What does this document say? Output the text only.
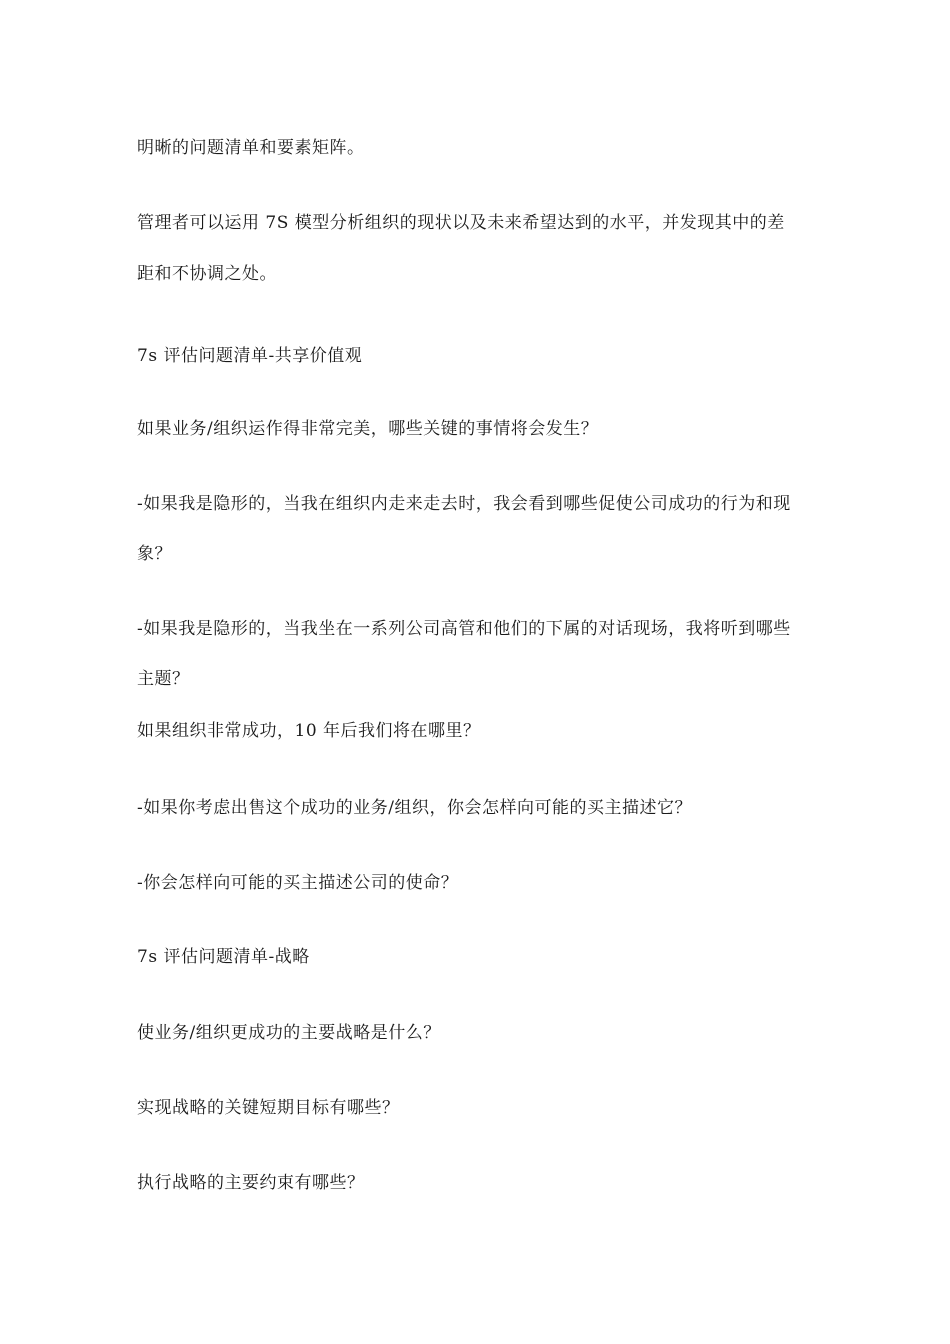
明晰的问题清单和要素矩阵。
管理者可以运用 7S 模型分析组织的现状以及未来希望达到的水平，并发现其中的差
距和不协调之处。
7s 评估问题清单-共享价值观
如果业务/组织运作得非常完美，哪些关键的事情将会发生？
-如果我是隐形的，当我在组织内走来走去时，我会看到哪些促使公司成功的行为和现
象？
-如果我是隐形的，当我坐在一系列公司高管和他们的下属的对话现场，我将听到哪些
主题？
如果组织非常成功，10 年后我们将在哪里？
-如果你考虑出售这个成功的业务/组织，你会怎样向可能的买主描述它？
-你会怎样向可能的买主描述公司的使命？
7s 评估问题清单-战略
使业务/组织更成功的主要战略是什么？
实现战略的关键短期目标有哪些？
执行战略的主要约束有哪些？
